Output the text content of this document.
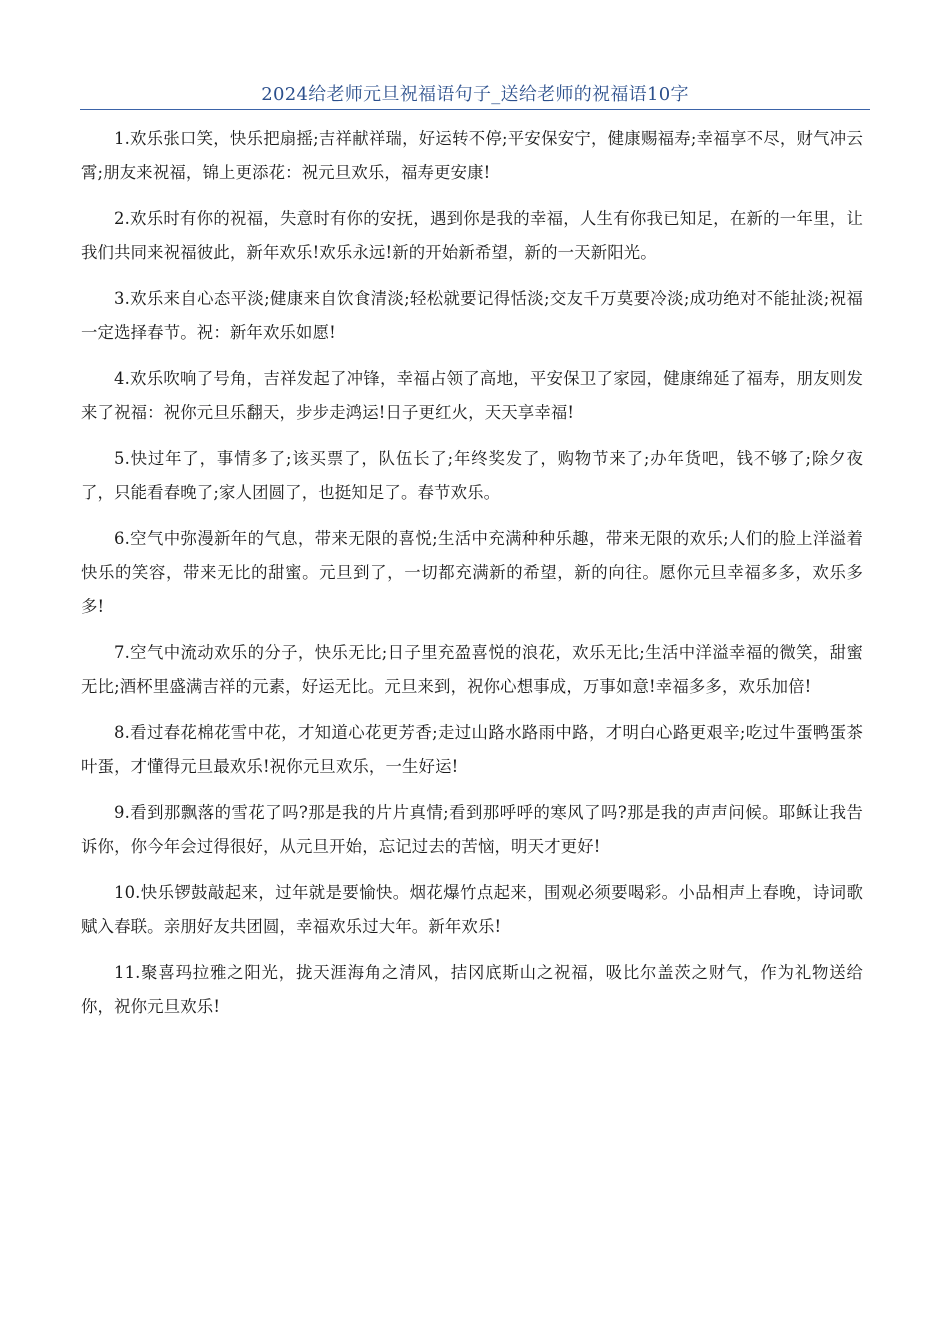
2024给老师元旦祝福语句子_送给老师的祝福语10字

1.欢乐张口笑，快乐把扇摇;吉祥献祥瑞，好运转不停;平安保安宁，健康赐福寿;幸福享不尽，财气冲云霄;朋友来祝福，锦上更添花：祝元旦欢乐，福寿更安康!

2.欢乐时有你的祝福，失意时有你的安抚，遇到你是我的幸福，人生有你我已知足，在新的一年里，让我们共同来祝福彼此，新年欢乐!欢乐永远!新的开始新希望，新的一天新阳光。

3.欢乐来自心态平淡;健康来自饮食清淡;轻松就要记得恬淡;交友千万莫要冷淡;成功绝对不能扯淡;祝福一定选择春节。祝：新年欢乐如愿!

4.欢乐吹响了号角，吉祥发起了冲锋，幸福占领了高地，平安保卫了家园，健康绵延了福寿，朋友则发来了祝福：祝你元旦乐翻天，步步走鸿运!日子更红火，天天享幸福!

5.快过年了，事情多了;该买票了，队伍长了;年终奖发了，购物节来了;办年货吧，钱不够了;除夕夜了，只能看春晚了;家人团圆了，也挺知足了。春节欢乐。

6.空气中弥漫新年的气息，带来无限的喜悦;生活中充满种种乐趣，带来无限的欢乐;人们的脸上洋溢着快乐的笑容，带来无比的甜蜜。元旦到了，一切都充满新的希望，新的向往。愿你元旦幸福多多，欢乐多多!

7.空气中流动欢乐的分子，快乐无比;日子里充盈喜悦的浪花，欢乐无比;生活中洋溢幸福的微笑，甜蜜无比;酒杯里盛满吉祥的元素，好运无比。元旦来到，祝你心想事成，万事如意!幸福多多，欢乐加倍!

8.看过春花棉花雪中花，才知道心花更芳香;走过山路水路雨中路，才明白心路更艰辛;吃过牛蛋鸭蛋茶叶蛋，才懂得元旦最欢乐!祝你元旦欢乐，一生好运!

9.看到那飘落的雪花了吗?那是我的片片真情;看到那呼呼的寒风了吗?那是我的声声问候。耶稣让我告诉你，你今年会过得很好，从元旦开始，忘记过去的苦恼，明天才更好!

10.快乐锣鼓敲起来，过年就是要愉快。烟花爆竹点起来，围观必须要喝彩。小品相声上春晚，诗词歌赋入春联。亲朋好友共团圆，幸福欢乐过大年。新年欢乐!

11.聚喜玛拉雅之阳光，拢天涯海角之清风，拮冈底斯山之祝福，吸比尔盖茨之财气，作为礼物送给你，祝你元旦欢乐!
